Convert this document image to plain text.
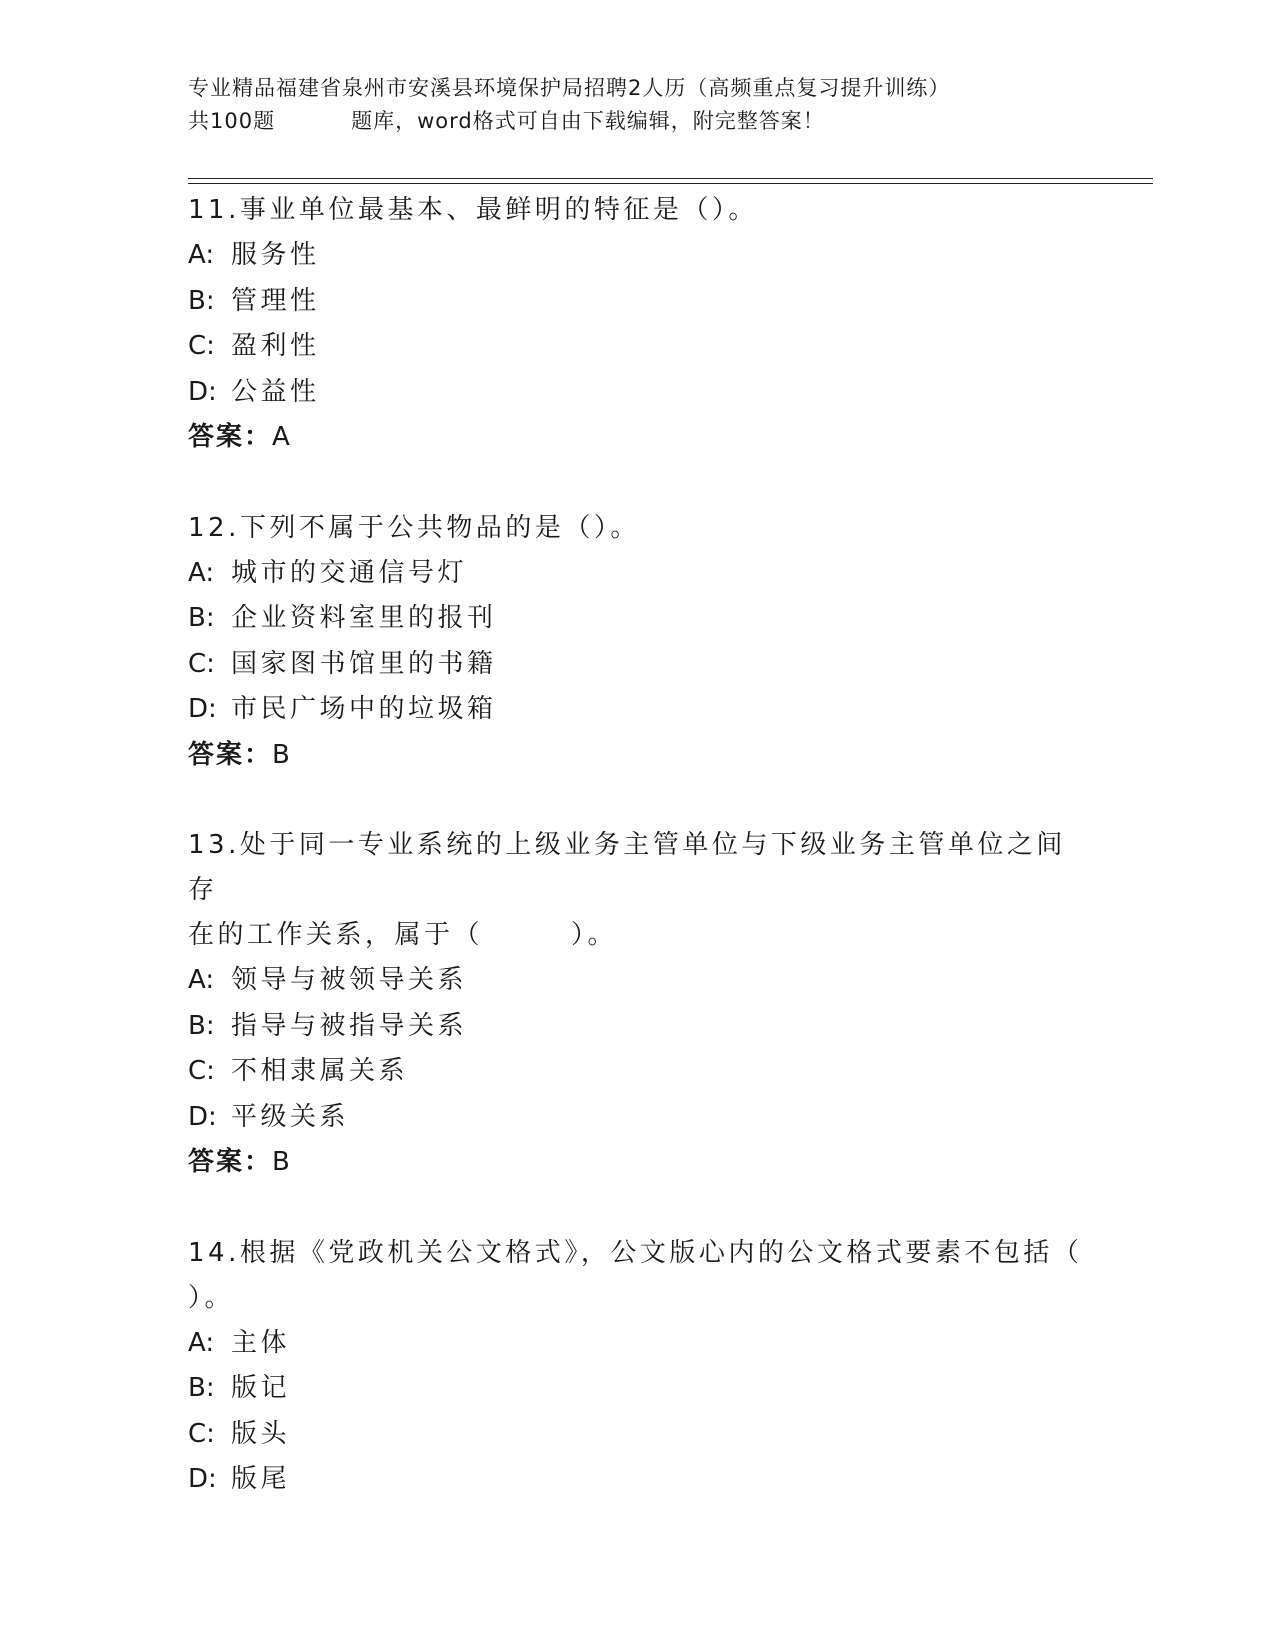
专业精品福建省泉州市安溪县环境保护局招聘2人历（高频重点复习提升训练）
共100题	题库，word格式可自由下载编辑，附完整答案！
11.事业单位最基本、最鲜明的特征是（）。
A: 服务性
B: 管理性
C: 盈利性
D: 公益性
答案：A
12.下列不属于公共物品的是（）。
A: 城市的交通信号灯
B: 企业资料室里的报刊
C: 国家图书馆里的书籍
D: 市民广场中的垃圾箱
答案：B
13.处于同一专业系统的上级业务主管单位与下级业务主管单位之间存
在的工作关系，属于（	）。
A: 领导与被领导关系
B: 指导与被指导关系
C: 不相隶属关系
D: 平级关系
答案：B
14.根据《党政机关公文格式》，公文版心内的公文格式要素不包括（
）。
A: 主体
B: 版记
C: 版头
D: 版尾
